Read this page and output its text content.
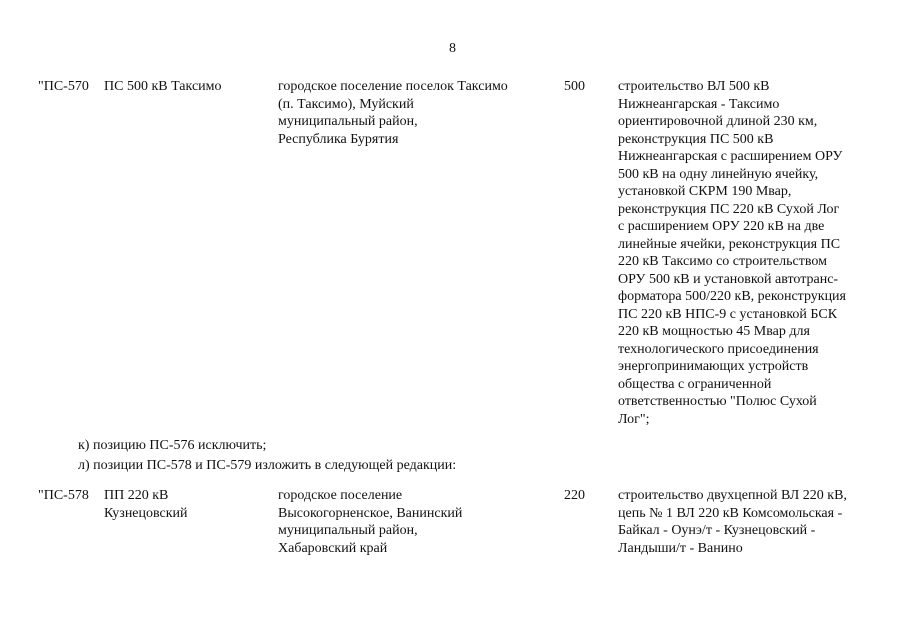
8
"ПС-570	ПС 500 кВ Таксимо	городское поселение поселок Таксимо
(п. Таксимо), Муйский
муниципальный район,
Республика Бурятия
500	строительство ВЛ 500 кВ
Нижнеангарская - Таксимо
ориентировочной длиной 230 км,
реконструкция ПС 500 кВ
Нижнеангарская с расширением ОРУ
500 кВ на одну линейную ячейку,
установкой СКРМ 190 Мвар,
реконструкция ПС 220 кВ Сухой Лог
с расширением ОРУ 220 кВ на две
линейные ячейки, реконструкция ПС
220 кВ Таксимо со строительством
ОРУ 500 кВ и установкой автотранс-
форматора 500/220 кВ, реконструкция
ПС 220 кВ НПС-9 с установкой БСК
220 кВ мощностью 45 Мвар для
технологического присоединения
энергопринимающих устройств
общества с ограниченной
ответственностью "Полюс Сухой
Лог";
к) позицию ПС-576 исключить;
л) позиции ПС-578 и ПС-579 изложить в следующей редакции:
"ПС-578	ПП 220 кВ
Кузнецовский
городское поселение
Высокогорненское, Ванинский
муниципальный район,
Хабаровский край
220	строительство двухцепной ВЛ 220 кВ,
цепь № 1 ВЛ 220 кВ Комсомольская -
Байкал - Оунэ/т - Кузнецовский -
Ландыши/т - Ванино
